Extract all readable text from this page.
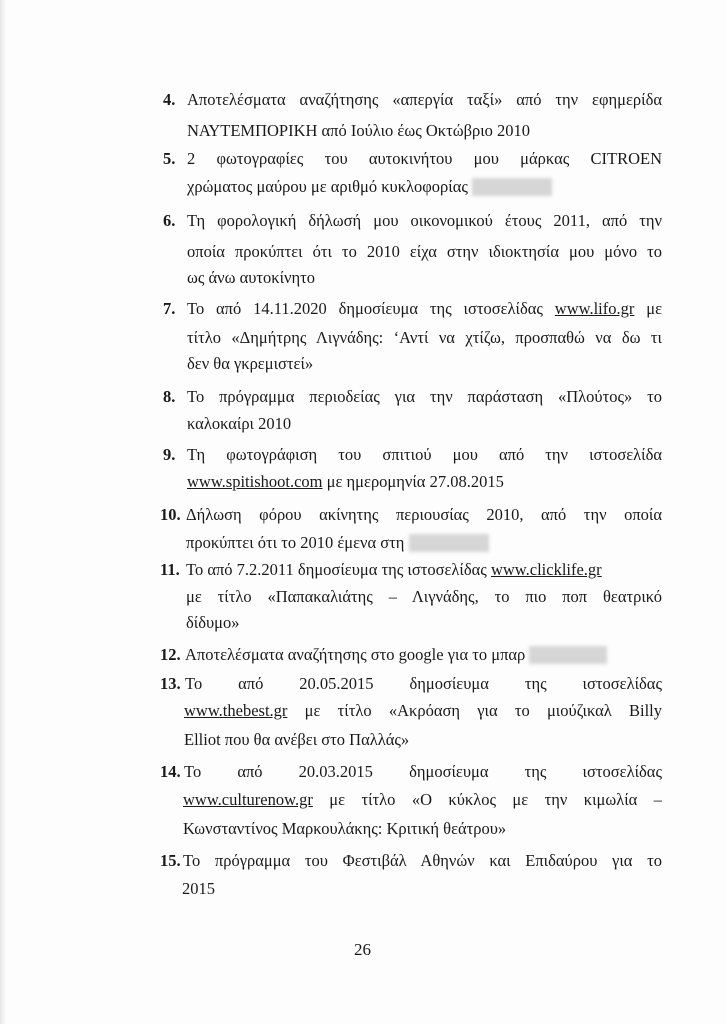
4. Αποτελέσματα αναζήτησης «απεργία ταξί» από την εφημερίδα
ΝΑΥΤΕΜΠΟΡΙΚΗ από Ιούλιο έως Οκτώβριο 2010
5. 2 φωτογραφίες του αυτοκινήτου μου μάρκας CITROEN
χρώματος μαύρου με αριθμό κυκλοφορίας
6. Τη φορολογική δήλωσή μου οικονομικού έτους 2011, από την
οποία προκύπτει ότι το 2010 είχα στην ιδιοκτησία μου μόνο το
ως άνω αυτοκίνητο
7. Το από 14.11.2020 δημοσίευμα της ιστοσελίδας www.lifo.gr με
τίτλο «Δημήτρης Λιγνάδης: ‘Αντί να χτίζω, προσπαθώ να δω τι
δεν θα γκρεμιστεί»
8. Το πρόγραμμα περιοδείας για την παράσταση «Πλούτος» το
καλοκαίρι 2010
9. Τη φωτογράφιση του σπιτιού μου από την ιστοσελίδα
www.spitishoot.com με ημερομηνία 27.08.2015
10. Δήλωση φόρου ακίνητης περιουσίας 2010, από την οποία
προκύπτει ότι το 2010 έμενα στη
11. Το από 7.2.2011 δημοσίευμα της ιστοσελίδας www.clicklife.gr
με τίτλο «Παπακαλιάτης – Λιγνάδης, το πιο ποπ θεατρικό
δίδυμο»
12. Αποτελέσματα αναζήτησης στο google για το μπαρ
13. Το από 20.05.2015 δημοσίευμα της ιστοσελίδας
www.thebest.gr με τίτλο «Ακρόαση για το μιούζικαλ Billy
Elliot που θα ανέβει στο Παλλάς»
14. Το από 20.03.2015 δημοσίευμα της ιστοσελίδας
www.culturenow.gr με τίτλο «Ο κύκλος με την κιμωλία –
Κωνσταντίνος Μαρκουλάκης: Κριτική θεάτρου»
15. Το πρόγραμμα του Φεστιβάλ Αθηνών και Επιδαύρου για το
2015
26
